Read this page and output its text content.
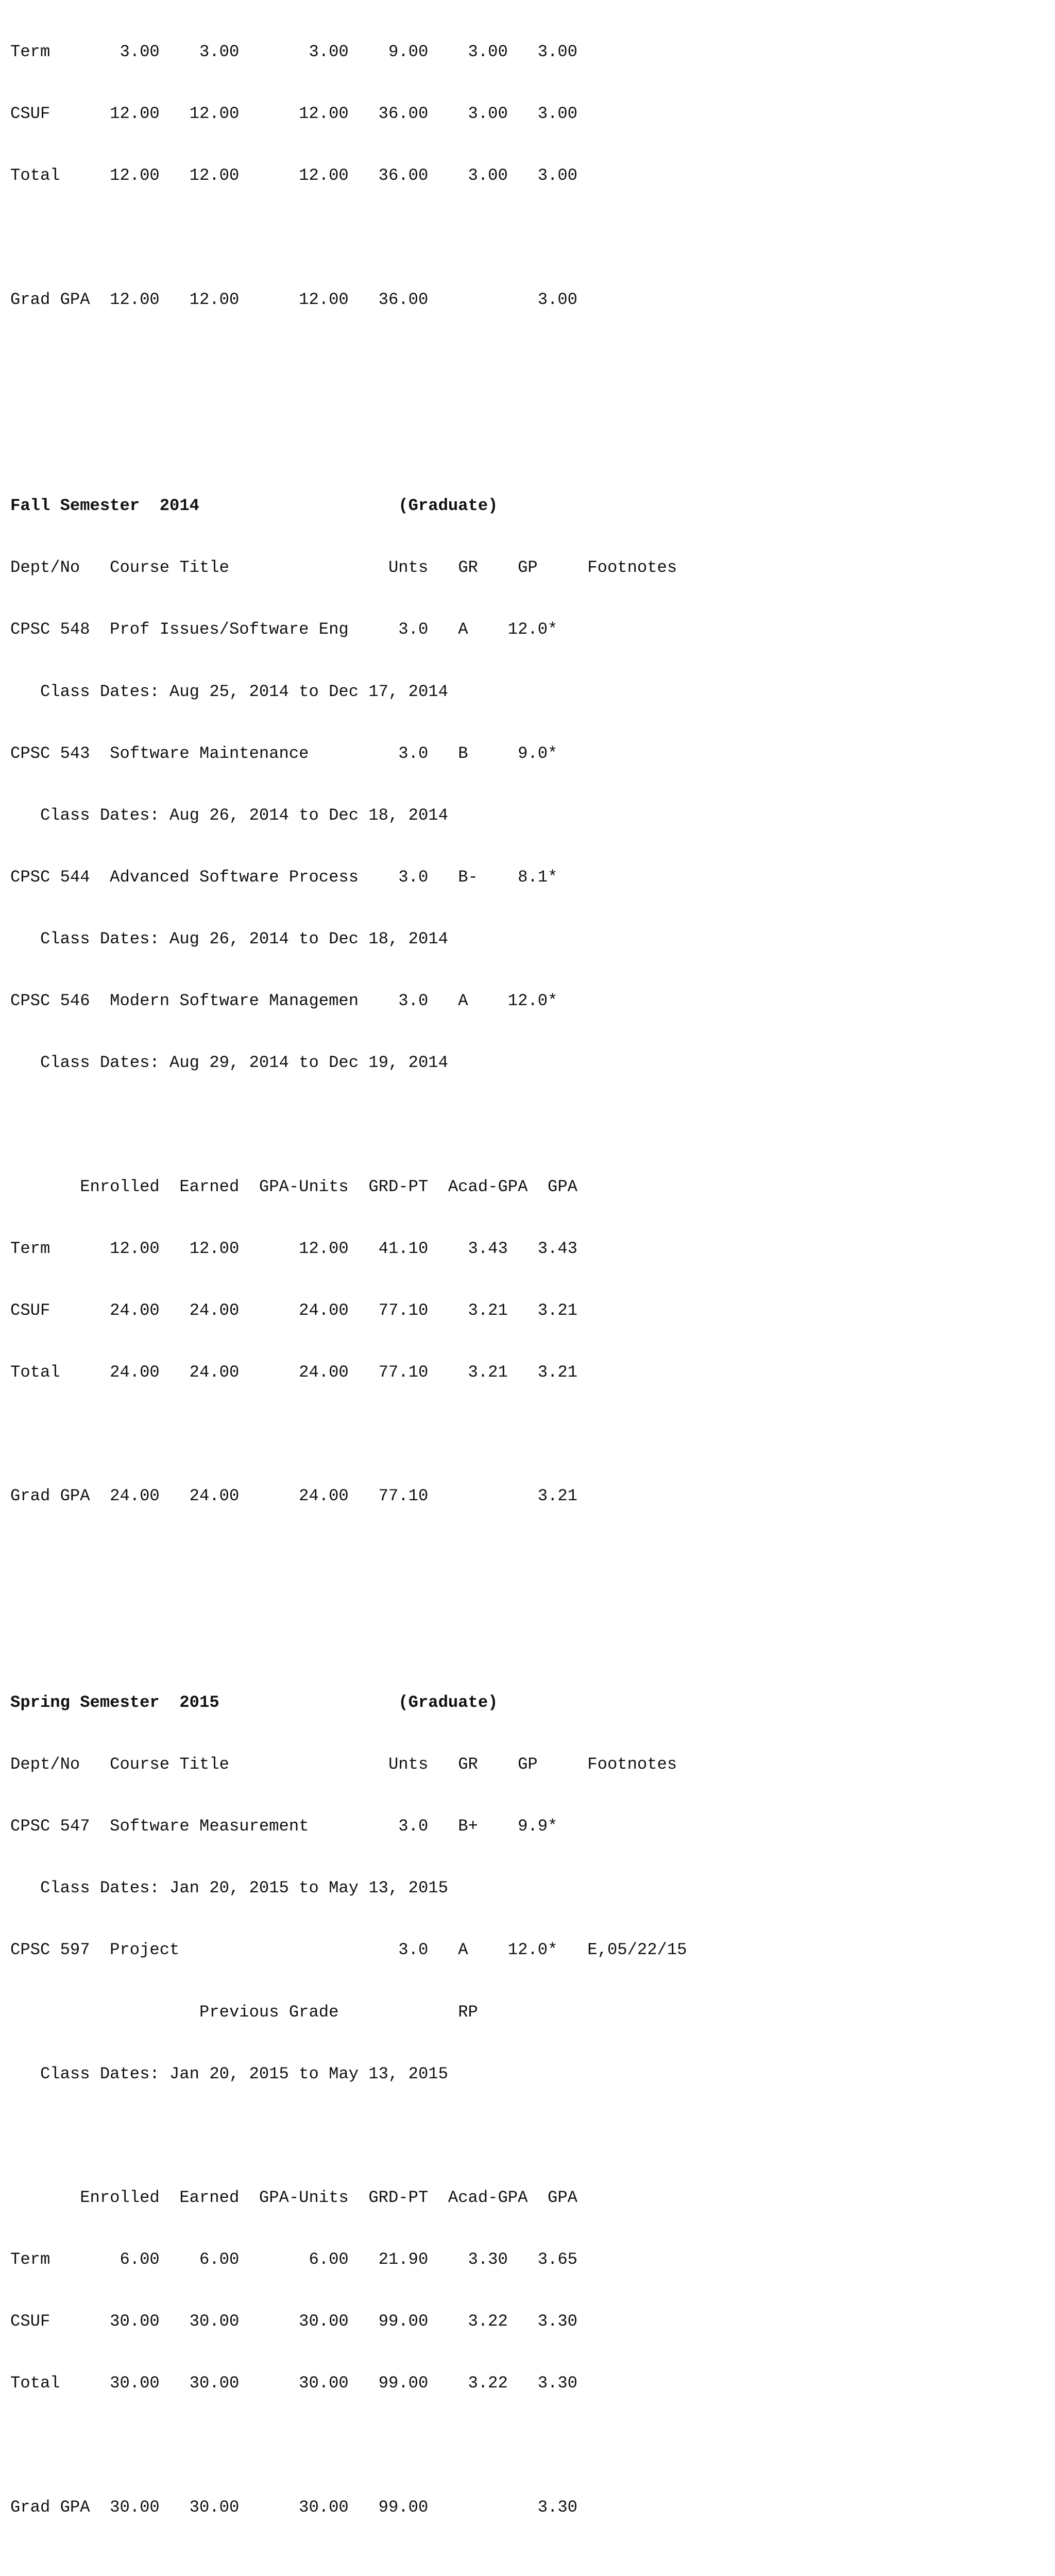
Term       3.00    3.00       3.00    9.00    3.00   3.00

CSUF      12.00   12.00      12.00   36.00    3.00   3.00

Total     12.00   12.00      12.00   36.00    3.00   3.00

Grad GPA  12.00   12.00      12.00   36.00           3.00

Fall Semester  2014                    (Graduate)

Dept/No   Course Title                Unts   GR    GP     Footnotes

CPSC 548  Prof Issues/Software Eng     3.0   A    12.0*

Class Dates: Aug 25, 2014 to Dec 17, 2014

CPSC 543  Software Maintenance         3.0   B     9.0*

Class Dates: Aug 26, 2014 to Dec 18, 2014

CPSC 544  Advanced Software Process    3.0   B-    8.1*

Class Dates: Aug 26, 2014 to Dec 18, 2014

CPSC 546  Modern Software Managemen    3.0   A    12.0*

Class Dates: Aug 29, 2014 to Dec 19, 2014

Enrolled  Earned  GPA-Units  GRD-PT  Acad-GPA  GPA

Term      12.00   12.00      12.00   41.10    3.43   3.43

CSUF      24.00   24.00      24.00   77.10    3.21   3.21

Total     24.00   24.00      24.00   77.10    3.21   3.21

Grad GPA  24.00   24.00      24.00   77.10           3.21

Spring Semester  2015                  (Graduate)

Dept/No   Course Title                Unts   GR    GP     Footnotes

CPSC 547  Software Measurement         3.0   B+    9.9*

Class Dates: Jan 20, 2015 to May 13, 2015

CPSC 597  Project                      3.0   A    12.0*   E,05/22/15

Previous Grade            RP

Class Dates: Jan 20, 2015 to May 13, 2015

Enrolled  Earned  GPA-Units  GRD-PT  Acad-GPA  GPA

Term       6.00    6.00       6.00   21.90    3.30   3.65

CSUF      30.00   30.00      30.00   99.00    3.22   3.30

Total     30.00   30.00      30.00   99.00    3.22   3.30

Grad GPA  30.00   30.00      30.00   99.00           3.30
